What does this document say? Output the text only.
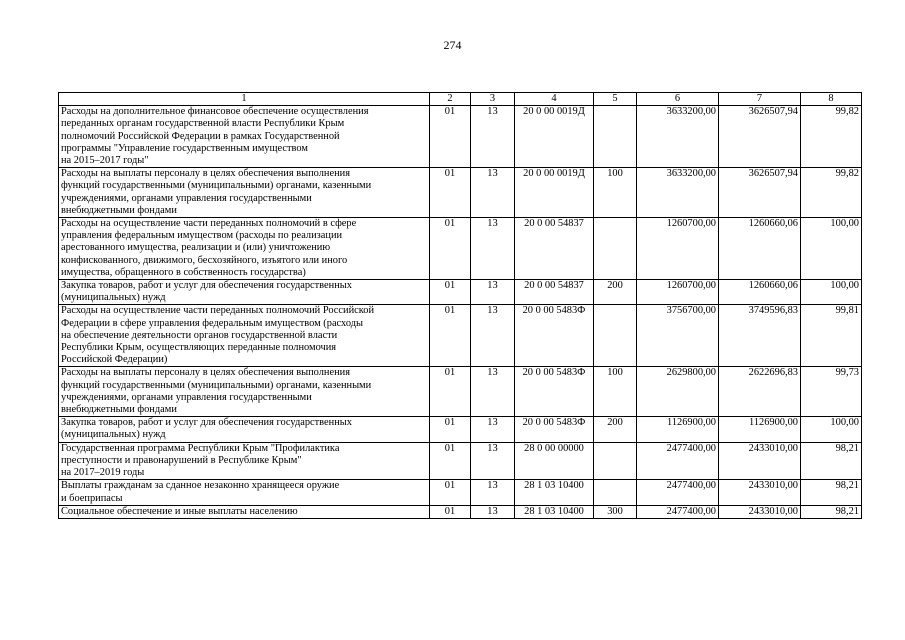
274
1	2	3	4	5	6	7	8

Расходы на дополнительное финансовое обеспечение осуществления
переданных органам государственной власти Республики Крым
полномочий Российской Федерации в рамках Государственной
программы "Управление государственным имуществом
на 2015–2017 годы"	01	13	20 0 00 0019Д		3633200,00	3626507,94	99,82

Расходы на выплаты персоналу в целях обеспечения выполнения
функций государственными (муниципальными) органами, казенными
учреждениями, органами управления государственными
внебюджетными фондами	01	13	20 0 00 0019Д	100	3633200,00	3626507,94	99,82

Расходы на осуществление части переданных полномочий в сфере
управления федеральным имуществом (расходы по реализации
арестованного имущества, реализации и (или) уничтожению
конфискованного, движимого, бесхозяйного, изъятого или иного
имущества, обращенного в собственность государства)	01	13	20 0 00 54837		1260700,00	1260660,06	100,00

Закупка товаров, работ и услуг для обеспечения государственных
(муниципальных) нужд	01	13	20 0 00 54837	200	1260700,00	1260660,06	100,00

Расходы на осуществление части переданных полномочий Российской
Федерации в сфере управления федеральным имуществом (расходы
на обеспечение деятельности органов государственной власти
Республики Крым, осуществляющих переданные полномочия
Российской Федерации)	01	13	20 0 00 5483Ф		3756700,00	3749596,83	99,81

Расходы на выплаты персоналу в целях обеспечения выполнения
функций государственными (муниципальными) органами, казенными
учреждениями, органами управления государственными
внебюджетными фондами	01	13	20 0 00 5483Ф	100	2629800,00	2622696,83	99,73

Закупка товаров, работ и услуг для обеспечения государственных
(муниципальных) нужд	01	13	20 0 00 5483Ф	200	1126900,00	1126900,00	100,00

Государственная программа Республики Крым "Профилактика
преступности и правонарушений в Республике Крым"
на 2017–2019 годы	01	13	28 0 00 00000		2477400,00	2433010,00	98,21

Выплаты гражданам за сданное незаконно хранящееся оружие
и боеприпасы	01	13	28 1 03 10400		2477400,00	2433010,00	98,21

Социальное обеспечение и иные выплаты населению	01	13	28 1 03 10400	300	2477400,00	2433010,00	98,21
